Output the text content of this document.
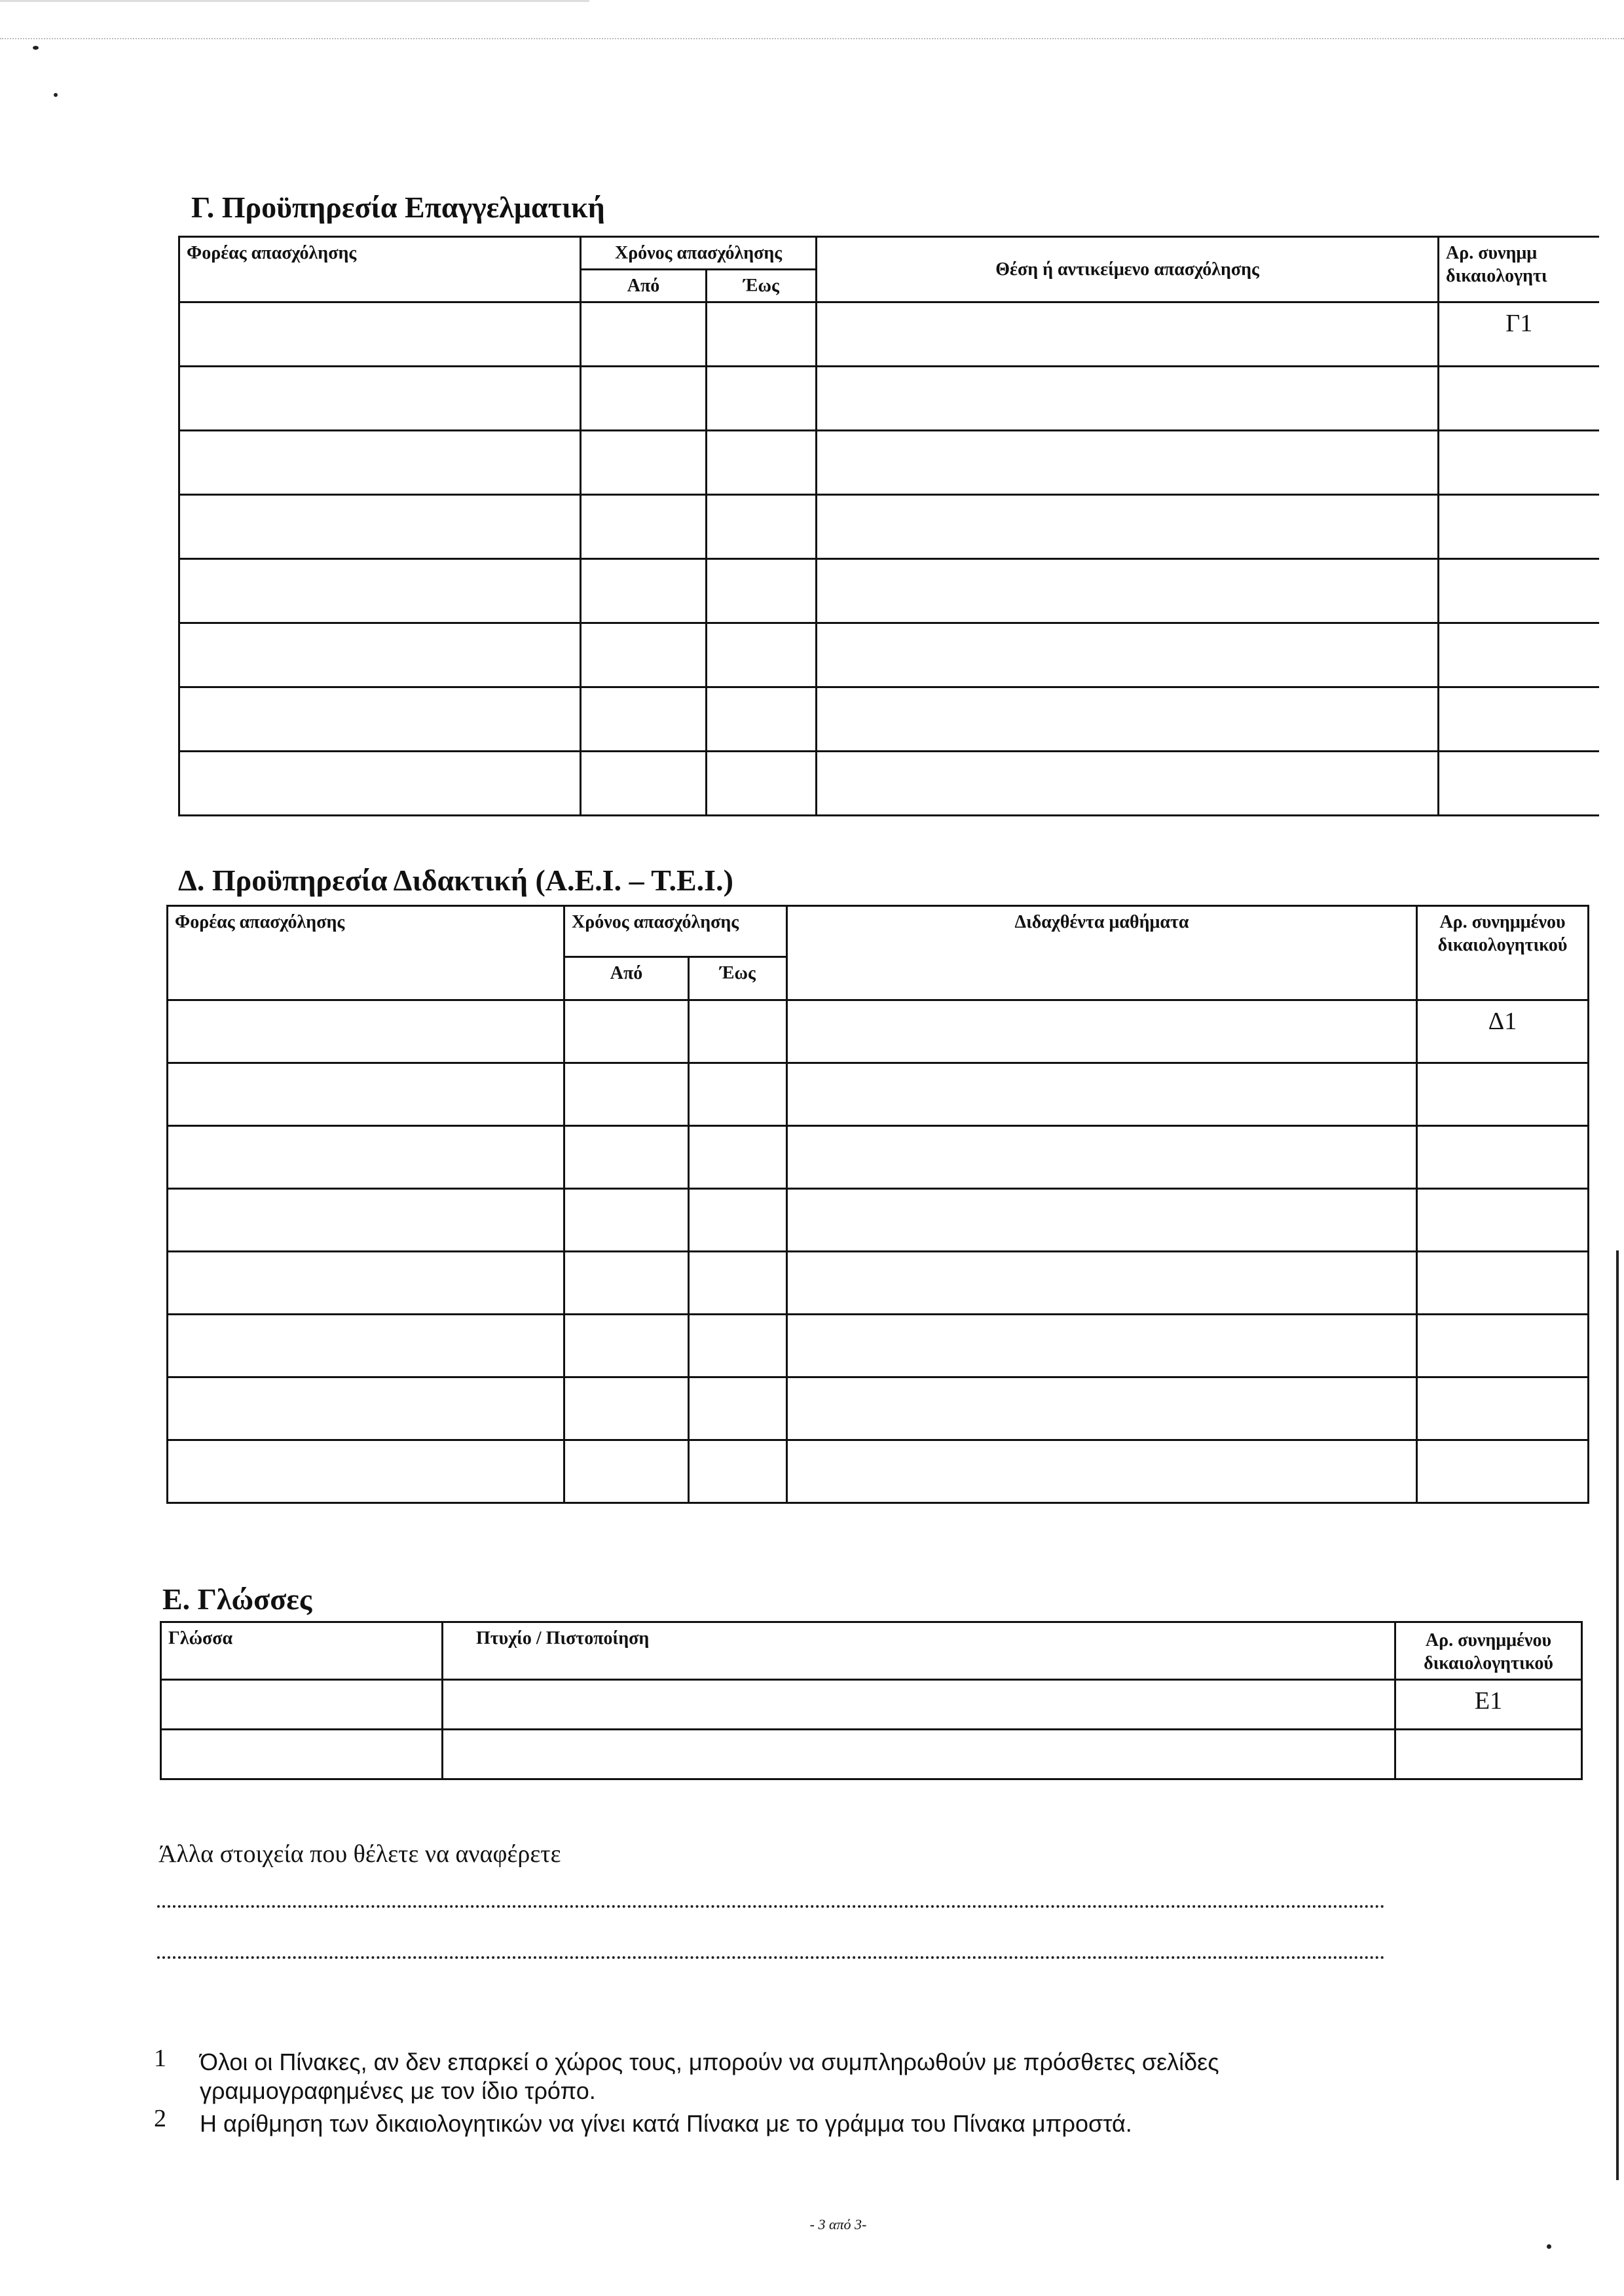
Γ. Προϋπηρεσία Επαγγελματική
Φορέας απασχόλησης	Χρόνος απασχόλησης		Θέση ή αντικείμενο απασχόλησης	Αρ. συνημμ δικαιολογητι
	Από	Έως		
				Γ1

Δ. Προϋπηρεσία Διδακτική (Α.Ε.Ι. – Τ.Ε.Ι.)
Φορέας απασχόλησης	Χρόνος απασχόλησης		Διδαχθέντα μαθήματα	Αρ. συνημμένου δικαιολογητικού
	Από	Έως		
				Δ1

Ε. Γλώσσες
Γλώσσα	Πτυχίο / Πιστοποίηση	Αρ. συνημμένου δικαιολογητικού
		Ε1

Άλλα στοιχεία που θέλετε να αναφέρετε
1 Όλοι οι Πίνακες, αν δεν επαρκεί ο χώρος τους, μπορούν να συμπληρωθούν με πρόσθετες σελίδες γραμμογραφημένες με τον ίδιο τρόπο.
2 Η αρίθμηση των δικαιολογητικών να γίνει κατά Πίνακα με το γράμμα του Πίνακα μπροστά.
- 3 από 3-
